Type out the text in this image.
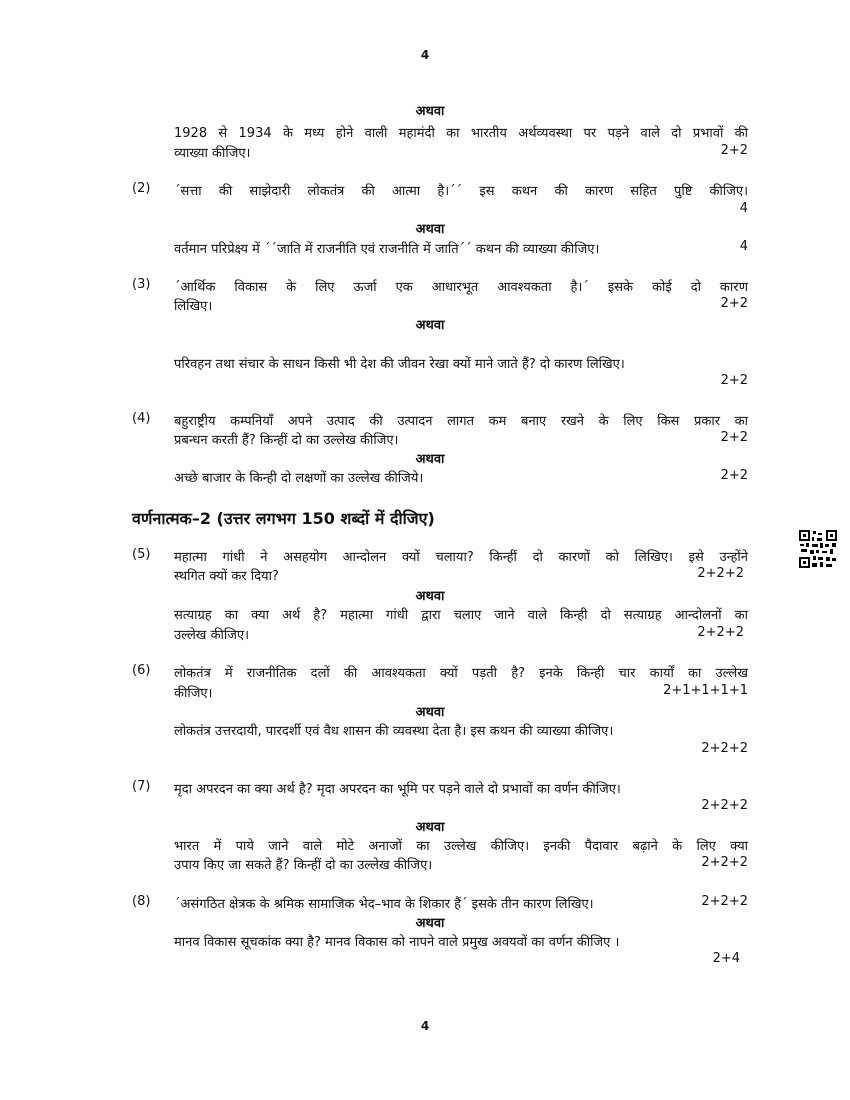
4
अथवा
1928 से 1934 के मध्य होने वाली महामंदी का भारतीय अर्थव्यवस्था पर पड़ने वाले दो प्रभावों की
व्याख्या कीजिए।	2+2
(2) ´सत्ता की साझेदारी लोकतंत्र की आत्मा है।´´ इस कथन की कारण सहित पुष्टि कीजिए।
4
अथवा
वर्तमान परिप्रेक्ष्य में ´´जाति में राजनीति एवं राजनीति में जाति´´ कथन की व्याख्या कीजिए।	4
(3) ´आर्थिक विकास के लिए ऊर्जा एक आधारभूत आवश्यकता है।´ इसके कोई दो कारण
लिखिए।	2+2
अथवा
परिवहन तथा संचार के साधन किसी भी देश की जीवन रेखा क्यों माने जाते हैं? दो कारण लिखिए।
2+2
(4) बहुराष्ट्रीय कम्पनियाँ अपने उत्पाद की उत्पादन लागत कम बनाए रखने के लिए किस प्रकार का
प्रबन्धन करती हैं? किन्हीं दो का उल्लेख कीजिए।	2+2
अथवा
अच्छे बाजार के किन्ही दो लक्षणों का उल्लेख कीजिये।	2+2
वर्णनात्मक–2 (उत्तर लगभग 150 शब्दों में दीजिए)
(5) महात्मा गांधी ने असहयोग आन्दोलन क्यों चलाया? किन्हीं दो कारणों को लिखिए। इसे उन्होंने
स्थगित क्यों कर दिया?	2+2+2
अथवा
सत्याग्रह का क्या अर्थ है? महात्मा गांधी द्वारा चलाए जाने वाले किन्ही दो सत्याग्रह आन्दोलनों का
उल्लेख कीजिए।	2+2+2
(6) लोकतंत्र में राजनीतिक दलों की आवश्यकता क्यों पड़ती है? इनके किन्ही चार कार्यों का उल्लेख
कीजिए।	2+1+1+1+1
अथवा
लोकतंत्र उत्तरदायी, पारदर्शी एवं वैध शासन की व्यवस्था देता है। इस कथन की व्याख्या कीजिए।
2+2+2
(7) मृदा अपरदन का क्या अर्थ है? मृदा अपरदन का भूमि पर पड़ने वाले दो प्रभावों का वर्णन कीजिए।
2+2+2
अथवा
भारत में पाये जाने वाले मोटे अनाजों का उल्लेख कीजिए। इनकी पैदावार बढ़ाने के लिए क्या
उपाय किए जा सकते हैं? किन्हीं दो का उल्लेख कीजिए।	2+2+2
(8) ´असंगठित क्षेत्रक के श्रमिक सामाजिक भेद–भाव के शिकार हैं´ इसके तीन कारण लिखिए।	2+2+2
अथवा
मानव विकास सूचकांक क्या है? मानव विकास को नापने वाले प्रमुख अवयवों का वर्णन कीजिए ।
2+4
4
